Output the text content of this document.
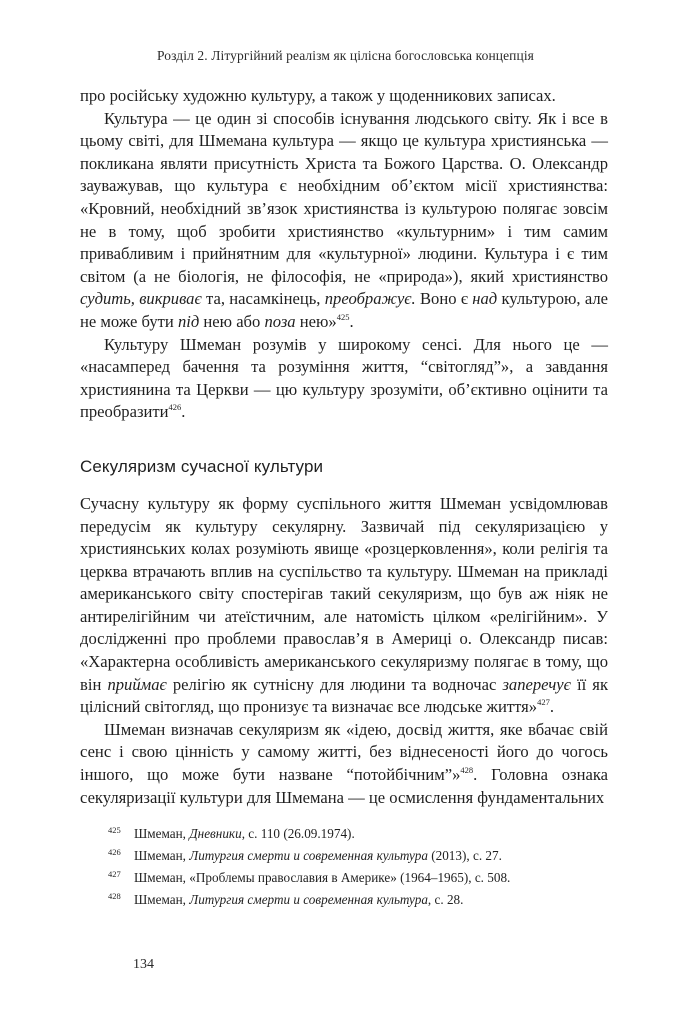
Розділ 2. Літургійний реалізм як цілісна богословська концепція

про російську художню культуру, а також у щоденникових записах.

Культура — це один зі способів існування людського світу. Як і все в цьому світі, для Шмемана культура — якщо це культура християнська — покликана являти присутність Христа та Божого Царства. О. Олександр зауважував, що культура є необхідним об’єктом місії християнства: «Кровний, необхідний зв’язок християнства із культурою полягає зовсім не в тому, щоб зробити християнство «культурним» і тим самим привабливим і прийнятним для «культурної» людини. Культура і є тим світом (а не біологія, не філософія, не «природа»), який християнство судить, викриває та, насамкінець, преображує. Воно є над культурою, але не може бути під нею або поза нею»$^{425}$.

Культуру Шмеман розумів у широкому сенсі. Для нього це — «насамперед бачення та розуміння життя, “світогляд”», а завдання християнина та Церкви — цю культуру зрозуміти, об’єктивно оцінити та преобразити$^{426}$.

Секуляризм сучасної культури

Сучасну культуру як форму суспільного життя Шмеман усвідомлював передусім як культуру секулярну. Зазвичай під секуляризацією у християнських колах розуміють явище «розцерковлення», коли релігія та церква втрачають вплив на суспільство та культуру. Шмеман на прикладі американського світу спостерігав такий секуляризм, що був аж ніяк не антирелігійним чи атеїстичним, але натомість цілком «релігійним». У дослідженні про проблеми православ’я в Америці о. Олександр писав: «Характерна особливість американського секуляризму полягає в тому, що він приймає релігію як сутнісну для людини та водночас заперечує її як цілісний світогляд, що пронизує та визначає все людське життя»$^{427}$.

Шмеман визначав секуляризм як «ідею, досвід життя, яке вбачає свій сенс і свою цінність у самому житті, без віднесеності його до чогось іншого, що може бути назване “потойбічним”»$^{428}$. Головна ознака секуляризації культури для Шмемана — це осмислення фундаментальних

425	Шмеман, Дневники, с. 110 (26.09.1974).
426	Шмеман, Литургия смерти и современная культура (2013), с. 27.
427	Шмеман, «Проблемы православия в Америке» (1964–1965), с. 508.
428	Шмеман, Литургия смерти и современная культура, с. 28.
134
